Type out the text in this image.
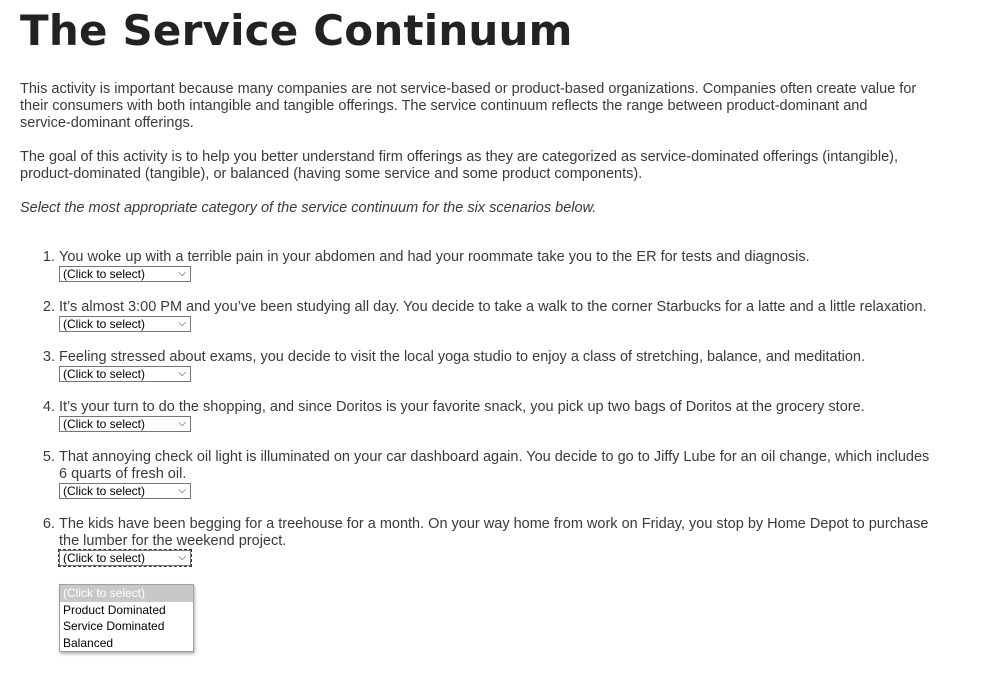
The Service Continuum

This activity is important because many companies are not service-based or product-based organizations. Companies often create value for their consumers with both intangible and tangible offerings. The service continuum reflects the range between product-dominant and service-dominant offerings.

The goal of this activity is to help you better understand firm offerings as they are categorized as service-dominated offerings (intangible), product-dominated (tangible), or balanced (having some service and some product components).

Select the most appropriate category of the service continuum for the six scenarios below.

1. You woke up with a terrible pain in your abdomen and had your roommate take you to the ER for tests and diagnosis.
(Click to select)	⌵
2. It’s almost 3:00 PM and you’ve been studying all day. You decide to take a walk to the corner Starbucks for a latte and a little relaxation.
(Click to select)	⌵
3. Feeling stressed about exams, you decide to visit the local yoga studio to enjoy a class of stretching, balance, and meditation.
(Click to select)	⌵
4. It’s your turn to do the shopping, and since Doritos is your favorite snack, you pick up two bags of Doritos at the grocery store.
(Click to select)	⌵
5. That annoying check oil light is illuminated on your car dashboard again. You decide to go to Jiffy Lube for an oil change, which includes 6 quarts of fresh oil.
(Click to select)	⌵
6. The kids have been begging for a treehouse for a month. On your way home from work on Friday, you stop by Home Depot to purchase the lumber for the weekend project.
(Click to select)	⌵
(Click to select)
Product Dominated
Service Dominated
Balanced
